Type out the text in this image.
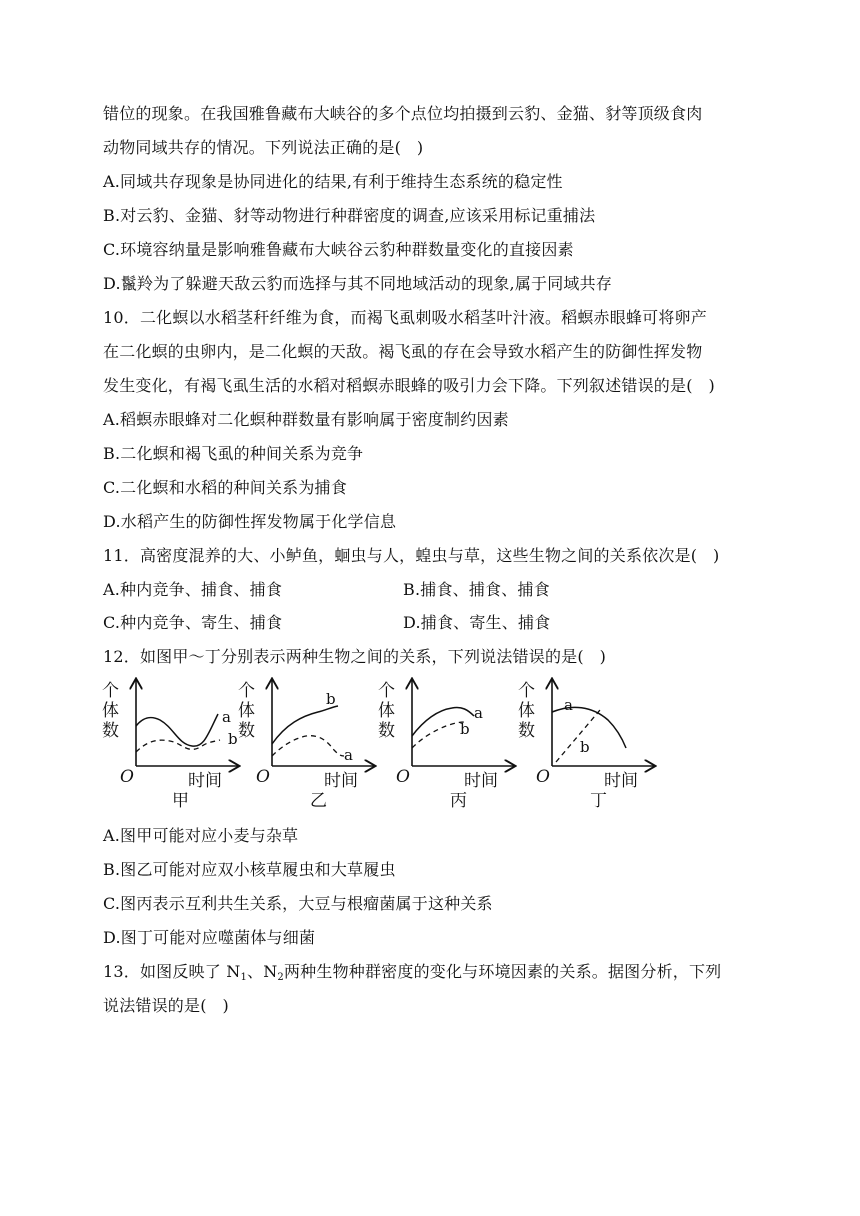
错位的现象。在我国雅鲁藏布大峡谷的多个点位均拍摄到云豹、金猫、豺等顶级食肉
动物同域共存的情况。下列说法正确的是(   )
A.同域共存现象是协同进化的结果,有利于维持生态系统的稳定性
B.对云豹、金猫、豺等动物进行种群密度的调查,应该采用标记重捕法
C.环境容纳量是影响雅鲁藏布大峡谷云豹种群数量变化的直接因素
D.鬣羚为了躲避天敌云豹而选择与其不同地域活动的现象,属于同域共存
10．二化螟以水稻茎秆纤维为食，而褐飞虱刺吸水稻茎叶汁液。稻螟赤眼蜂可将卵产
在二化螟的虫卵内，是二化螟的天敌。褐飞虱的存在会导致水稻产生的防御性挥发物
发生变化，有褐飞虱生活的水稻对稻螟赤眼蜂的吸引力会下降。下列叙述错误的是(   )
A.稻螟赤眼蜂对二化螟种群数量有影响属于密度制约因素
B.二化螟和褐飞虱的种间关系为竞争
C.二化螟和水稻的种间关系为捕食
D.水稻产生的防御性挥发物属于化学信息
11．高密度混养的大、小鲈鱼，蛔虫与人，蝗虫与草，这些生物之间的关系依次是(   )
A.种内竞争、捕食、捕食	B.捕食、捕食、捕食
C.种内竞争、寄生、捕食	D.捕食、寄生、捕食
12．如图甲～丁分别表示两种生物之间的关系，下列说法错误的是(   )
个
体
数
O	时间
甲
a
b
个
体
数
O	时间
乙
a
b 个
体
数
O	时间
丙
a
b
个
体
数
O	时间
丁
a
b
A.图甲可能对应小麦与杂草
B.图乙可能对应双小核草履虫和大草履虫
C.图丙表示互利共生关系，大豆与根瘤菌属于这种关系
D.图丁可能对应噬菌体与细菌
13．如图反映了 $N_1$、$N_2$两种生物种群密度的变化与环境因素的关系。据图分析，下列
说法错误的是(   )
